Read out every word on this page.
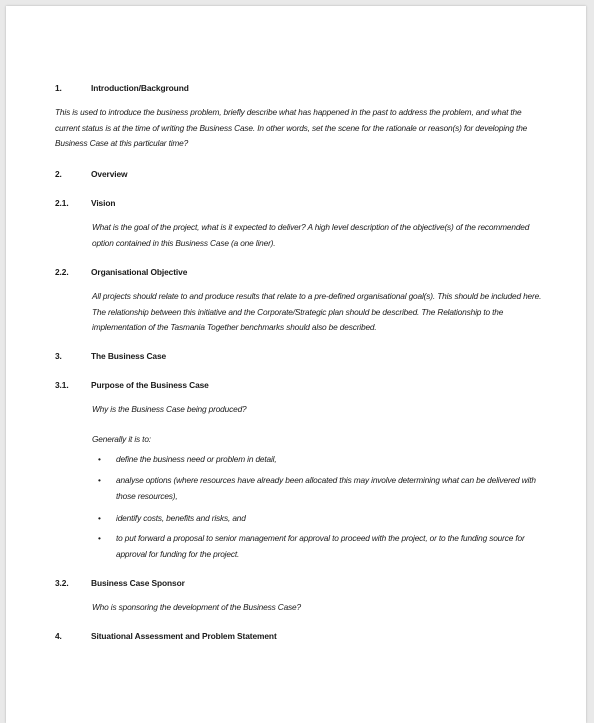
1.	Introduction/Background
This is used to introduce the business problem, briefly describe what has happened in the past to address the problem, and what the current status is at the time of writing the Business Case. In other words, set the scene for the rationale or reason(s) for developing the Business Case at this particular time?
2.	Overview
2.1.	Vision
What is the goal of the project, what is it expected to deliver? A high level description of the objective(s) of the recommended option contained in this Business Case (a one liner).
2.2.	Organisational Objective
All projects should relate to and produce results that relate to a pre-defined organisational goal(s). This should be included here. The relationship between this initiative and the Corporate/Strategic plan should be described. The Relationship to the implementation of the Tasmania Together benchmarks should also be described.
3.	The Business Case
3.1.	Purpose of the Business Case
Why is the Business Case being produced?
Generally it is to:
• define the business need or problem in detail,
• analyse options (where resources have already been allocated this may involve determining what can be delivered with those resources),
• identify costs, benefits and risks, and
• to put forward a proposal to senior management for approval to proceed with the project, or to the funding source for approval for funding for the project.
3.2.	Business Case Sponsor
Who is sponsoring the development of the Business Case?
4.	Situational Assessment and Problem Statement
